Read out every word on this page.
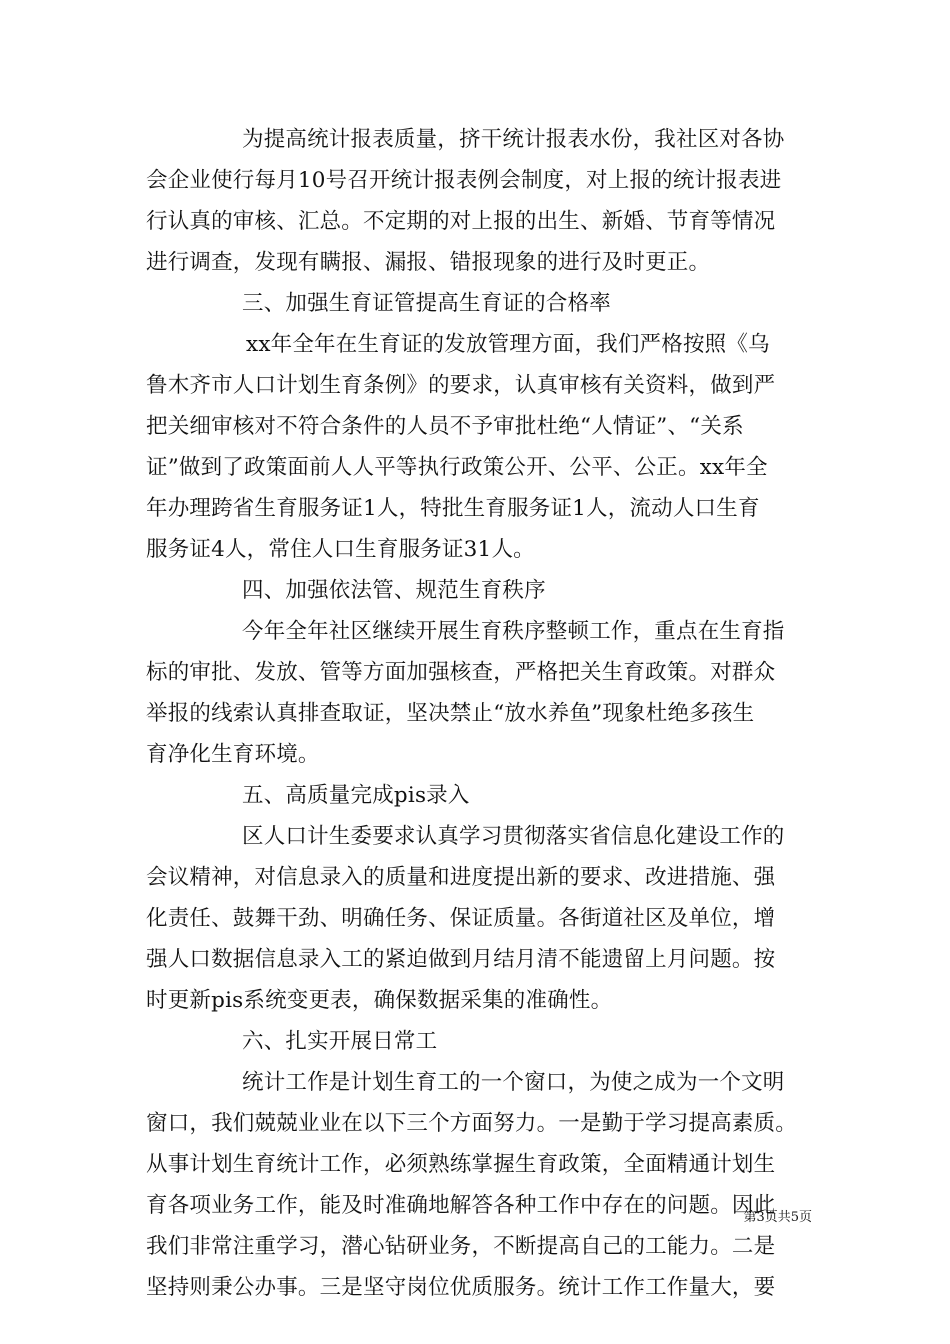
为提高统计报表质量，挤干统计报表水份，我社区对各协
会企业使行每月10号召开统计报表例会制度，对上报的统计报表进
行认真的审核、汇总。不定期的对上报的出生、新婚、节育等情况
进行调查，发现有瞒报、漏报、错报现象的进行及时更正。
三、加强生育证管提高生育证的合格率
xx年全年在生育证的发放管理方面，我们严格按照《乌
鲁木齐市人口计划生育条例》的要求，认真审核有关资料，做到严
把关细审核对不符合条件的人员不予审批杜绝“人情证”、“关系
证”做到了政策面前人人平等执行政策公开、公平、公正。xx年全
年办理跨省生育服务证1人，特批生育服务证1人，流动人口生育
服务证4人，常住人口生育服务证31人。
四、加强依法管、规范生育秩序
今年全年社区继续开展生育秩序整顿工作，重点在生育指
标的审批、发放、管等方面加强核查，严格把关生育政策。对群众
举报的线索认真排查取证，坚决禁止“放水养鱼”现象杜绝多孩生
育净化生育环境。
五、高质量完成pis录入
区人口计生委要求认真学习贯彻落实省信息化建设工作的
会议精神，对信息录入的质量和进度提出新的要求、改进措施、强
化责任、鼓舞干劲、明确任务、保证质量。各街道社区及单位，增
强人口数据信息录入工的紧迫做到月结月清不能遗留上月问题。按
时更新pis系统变更表，确保数据采集的准确性。
六、扎实开展日常工
统计工作是计划生育工的一个窗口，为使之成为一个文明
窗口，我们兢兢业业在以下三个方面努力。一是勤于学习提高素质。
从事计划生育统计工作，必须熟练掌握生育政策，全面精通计划生
育各项业务工作，能及时准确地解答各种工作中存在的问题。因此
我们非常注重学习，潜心钻研业务，不断提高自己的工能力。二是
坚持则秉公办事。三是坚守岗位优质服务。统计工作工作量大，要
第3页共5页
